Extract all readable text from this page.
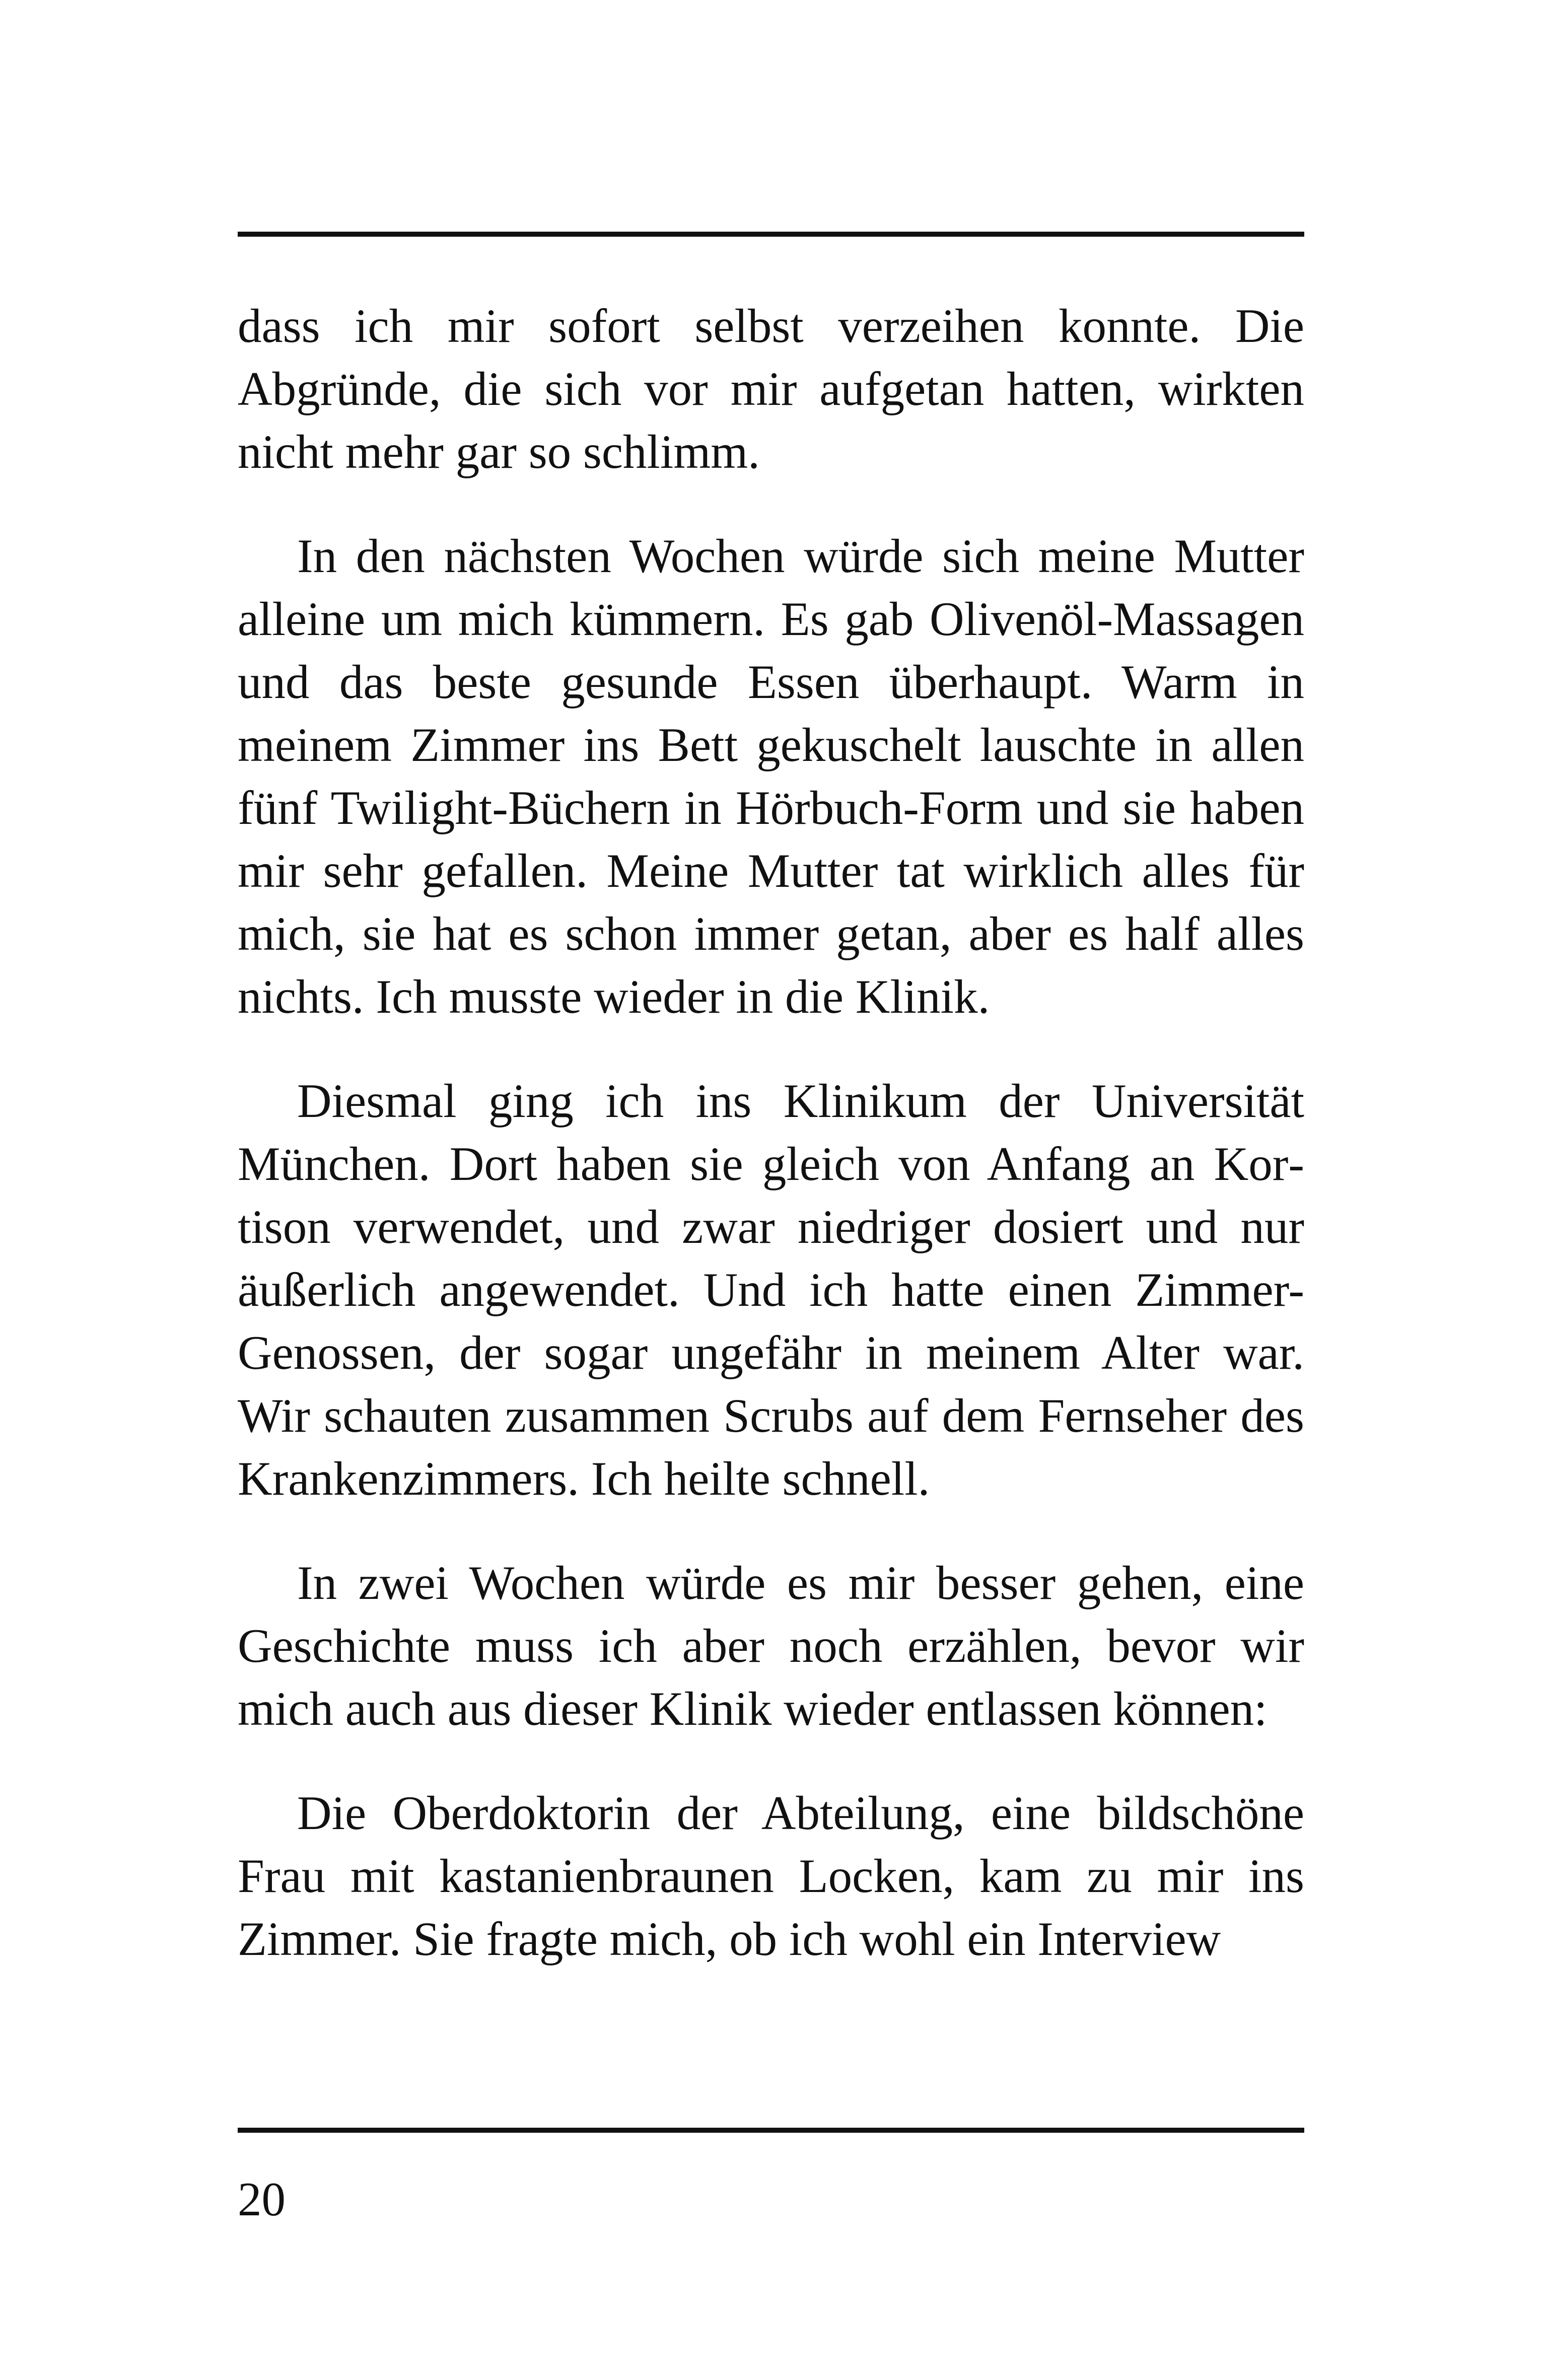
dass ich mir sofort selbst verzeihen konnte. Die Abgründe, die sich vor mir aufgetan hatten, wirkten nicht mehr gar so schlimm.

In den nächsten Wochen würde sich meine Mutter alleine um mich kümmern. Es gab Olivenöl-Massagen und das beste gesunde Essen überhaupt. Warm in meinem Zimmer ins Bett gekuschelt lauschte in allen fünf Twilight-Büchern in Hörbuch-Form und sie haben mir sehr gefallen. Meine Mutter tat wirklich alles für mich, sie hat es schon immer getan, aber es half alles nichts. Ich musste wieder in die Klinik.

Diesmal ging ich ins Klinikum der Universität München. Dort haben sie gleich von Anfang an Kortison verwendet, und zwar niedriger dosiert und nur äußerlich angewendet. Und ich hatte einen Zimmer-Genossen, der sogar ungefähr in meinem Alter war. Wir schauten zusammen Scrubs auf dem Fernseher des Krankenzimmers. Ich heilte schnell.

In zwei Wochen würde es mir besser gehen, eine Geschichte muss ich aber noch erzählen, bevor wir mich auch aus dieser Klinik wieder entlassen können:

Die Oberdoktorin der Abteilung, eine bildschöne Frau mit kastanienbraunen Locken, kam zu mir ins Zimmer. Sie fragte mich, ob ich wohl ein Interview

20
